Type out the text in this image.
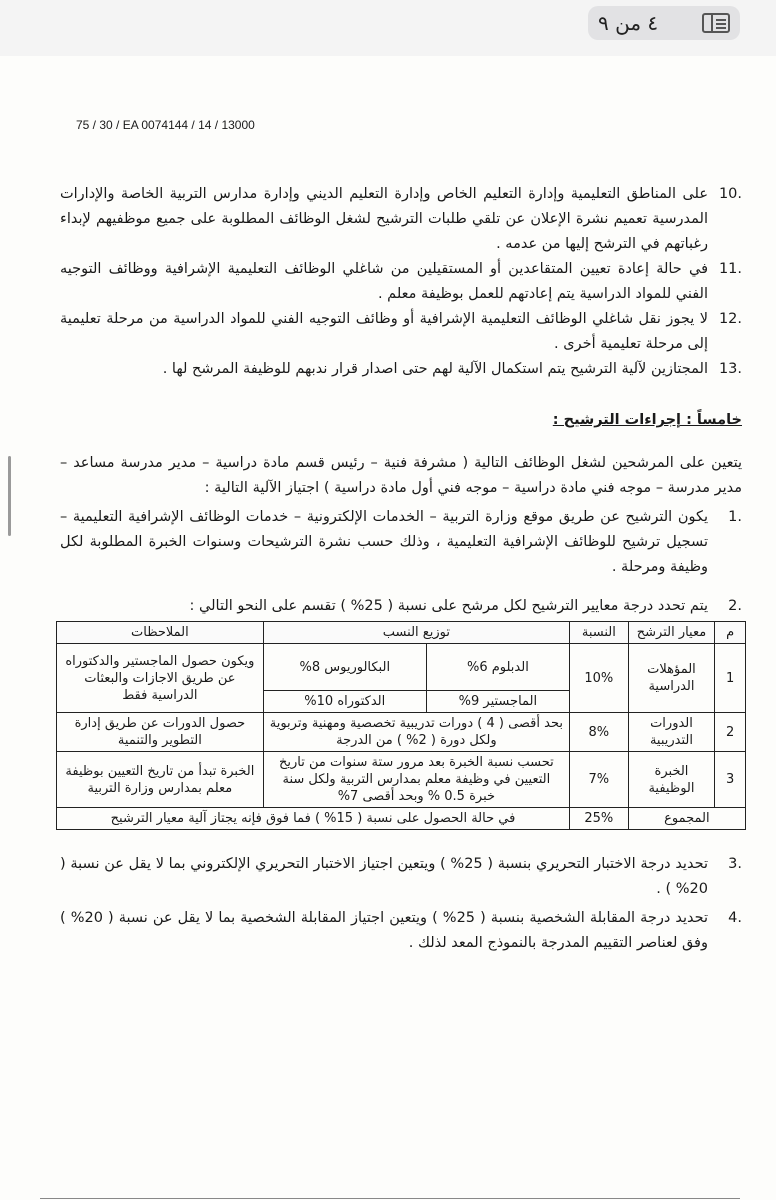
٤ من ٩
75 / 30 / EA 0074144 / 14 / 13000
10.
على المناطق التعليمية وإدارة التعليم الخاص وإدارة التعليم الديني وإدارة مدارس التربية الخاصة والإدارات المدرسية تعميم نشرة الإعلان عن تلقي طلبات الترشيح لشغل الوظائف المطلوبة على جميع موظفيهم لإبداء رغباتهم في الترشح إليها من عدمه .
11.
في حالة إعادة تعيين المتقاعدين أو المستقيلين من شاغلي الوظائف التعليمية الإشرافية ووظائف التوجيه الفني للمواد الدراسية يتم إعادتهم للعمل بوظيفة معلم .
12.
لا يجوز نقل شاغلي الوظائف التعليمية الإشرافية أو وظائف التوجيه الفني للمواد الدراسية من مرحلة تعليمية إلى مرحلة تعليمية أخرى .
13.
المجتازين لآلية الترشيح يتم استكمال الآلية لهم حتى اصدار قرار ندبهم للوظيفة المرشح لها .
خامساً : إجراءات الترشيح :
يتعين على المرشحين لشغل الوظائف التالية ( مشرفة فنية – رئيس قسم مادة دراسية – مدير مدرسة مساعد – مدير مدرسة – موجه فني مادة دراسية – موجه فني أول مادة دراسية ) اجتياز الآلية التالية :
1.
يكون الترشيح عن طريق موقع وزارة التربية – الخدمات الإلكترونية – خدمات الوظائف الإشرافية التعليمية – تسجيل ترشيح للوظائف الإشرافية التعليمية ، وذلك حسب نشرة الترشيحات وسنوات الخبرة المطلوبة لكل وظيفة ومرحلة .
2.
يتم تحدد درجة معايير الترشيح لكل مرشح على نسبة ( 25% ) تقسم على النحو التالي :
م	معيار الترشح	النسبة	توزيع النسب	الملاحظات
1	المؤهلات الدراسية	10%	
الدبلوم 6%	البكالوريوس 8%
الماجستير 9%	الدكتوراه 10%
	ويكون حصول الماجستير والدكتوراه عن طريق الاجازات والبعثات الدراسية فقط
2	الدورات التدريبية	8%	بحد أقصى ( 4 ) دورات تدريبية تخصصية ومهنية وتربوية ولكل دورة ( 2% ) من الدرجة	حصول الدورات عن طريق إدارة التطوير والتنمية
3	الخبرة الوظيفية	7%	تحسب نسبة الخبرة بعد مرور ستة سنوات من تاريخ التعيين في وظيفة معلم بمدارس التربية ولكل سنة خبرة 0.5 % وبحد أقصى 7%	الخبرة تبدأ من تاريخ التعيين بوظيفة معلم بمدارس وزارة التربية
المجموع	25%	في حالة الحصول على نسبة ( 15% ) فما فوق فإنه يجتاز آلية معيار الترشيح
3.
تحديد درجة الاختبار التحريري بنسبة ( 25% ) ويتعين اجتياز الاختبار التحريري الإلكتروني بما لا يقل عن نسبة ( 20% ) .
4.
تحديد درجة المقابلة الشخصية بنسبة ( 25% ) ويتعين اجتياز المقابلة الشخصية بما لا يقل عن نسبة ( 20% ) وفق لعناصر التقييم المدرجة بالنموذج المعد لذلك .
